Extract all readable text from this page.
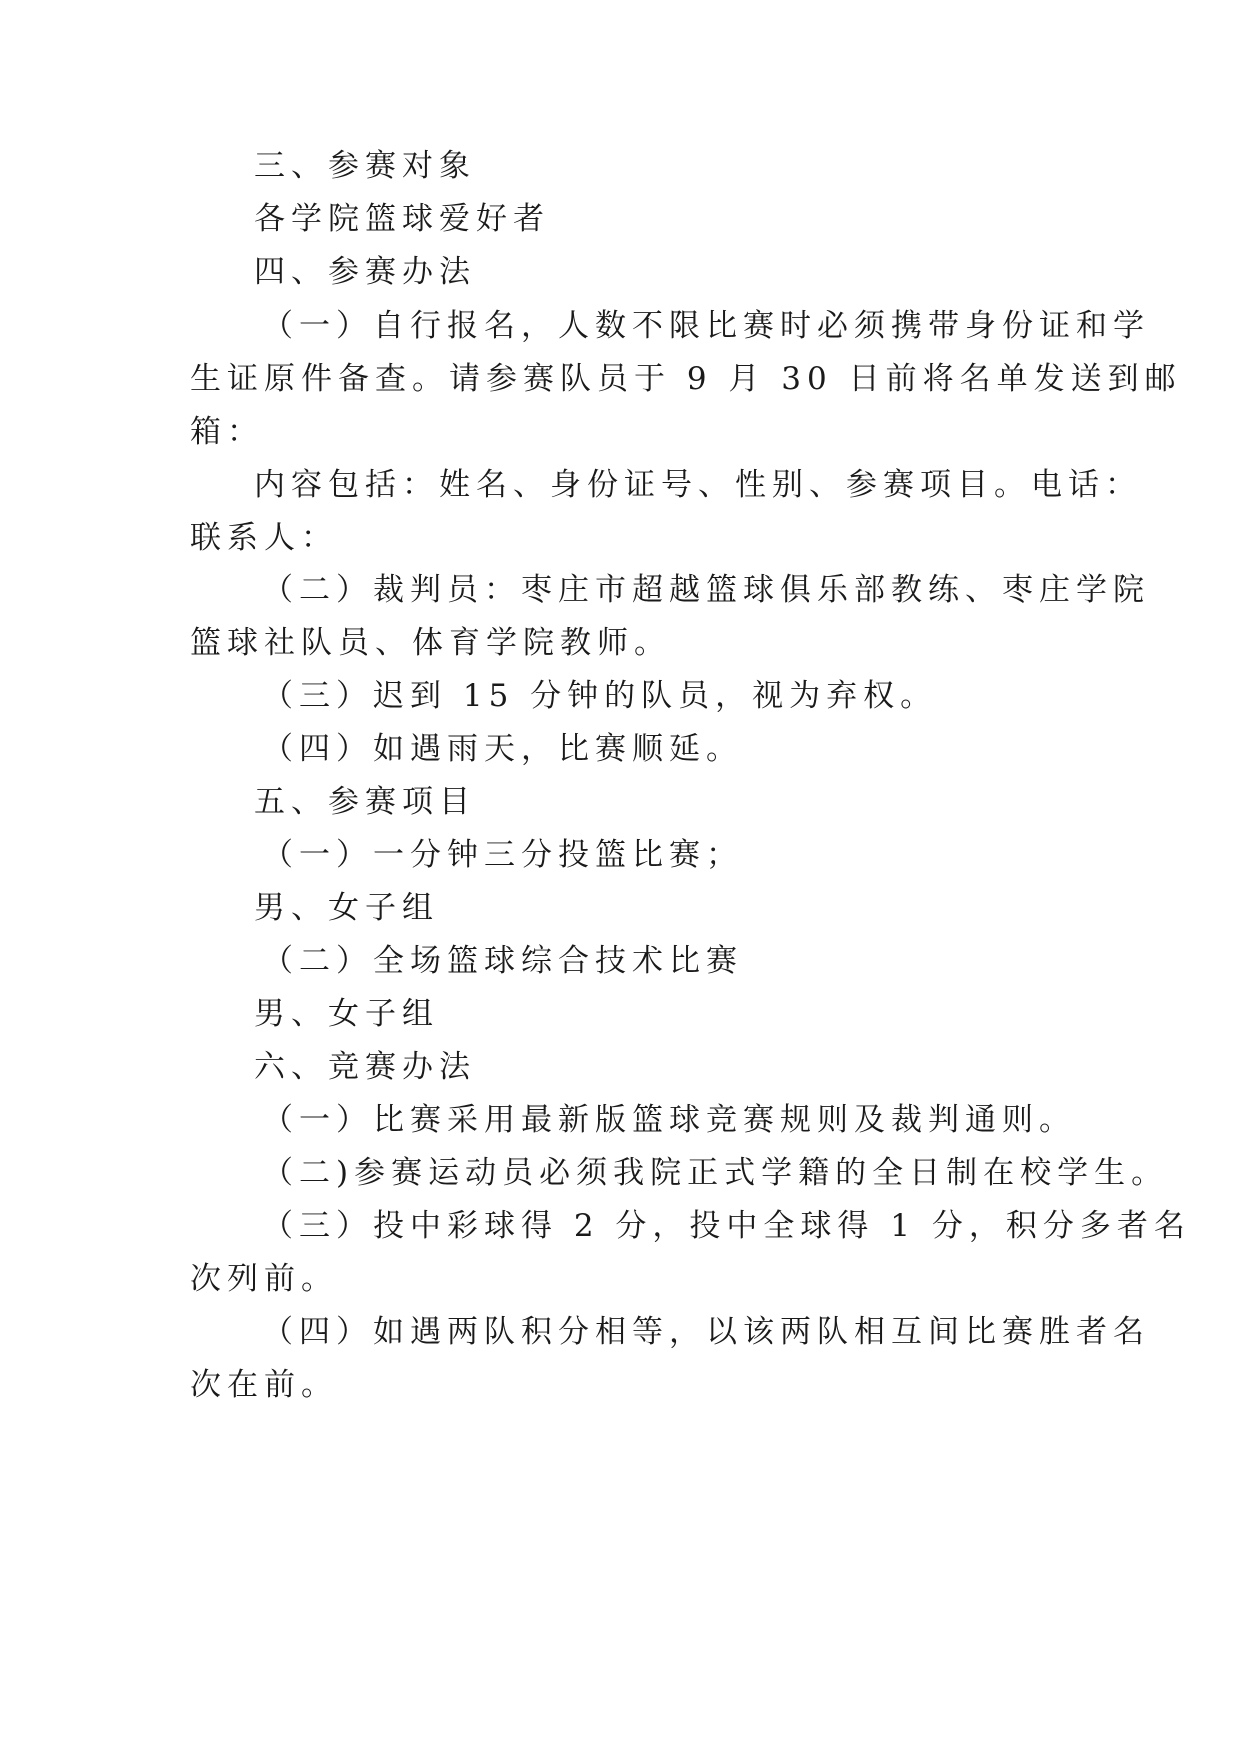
三、参赛对象
各学院篮球爱好者
四、参赛办法
（一）自行报名，人数不限比赛时必须携带身份证和学
生证原件备查。请参赛队员于 9 月 30 日前将名单发送到邮
箱：
内容包括：姓名、身份证号、性别、参赛项目。电话：
联系人：
（二）裁判员：枣庄市超越篮球俱乐部教练、枣庄学院
篮球社队员、体育学院教师。
（三）迟到 15 分钟的队员，视为弃权。
（四）如遇雨天，比赛顺延。
五、参赛项目
（一）一分钟三分投篮比赛；
男、女子组
（二）全场篮球综合技术比赛
男、女子组
六、竞赛办法
（一）比赛采用最新版篮球竞赛规则及裁判通则。
（二)参赛运动员必须我院正式学籍的全日制在校学生。
（三）投中彩球得 2 分，投中全球得 1 分，积分多者名
次列前。
（四）如遇两队积分相等，以该两队相互间比赛胜者名
次在前。
